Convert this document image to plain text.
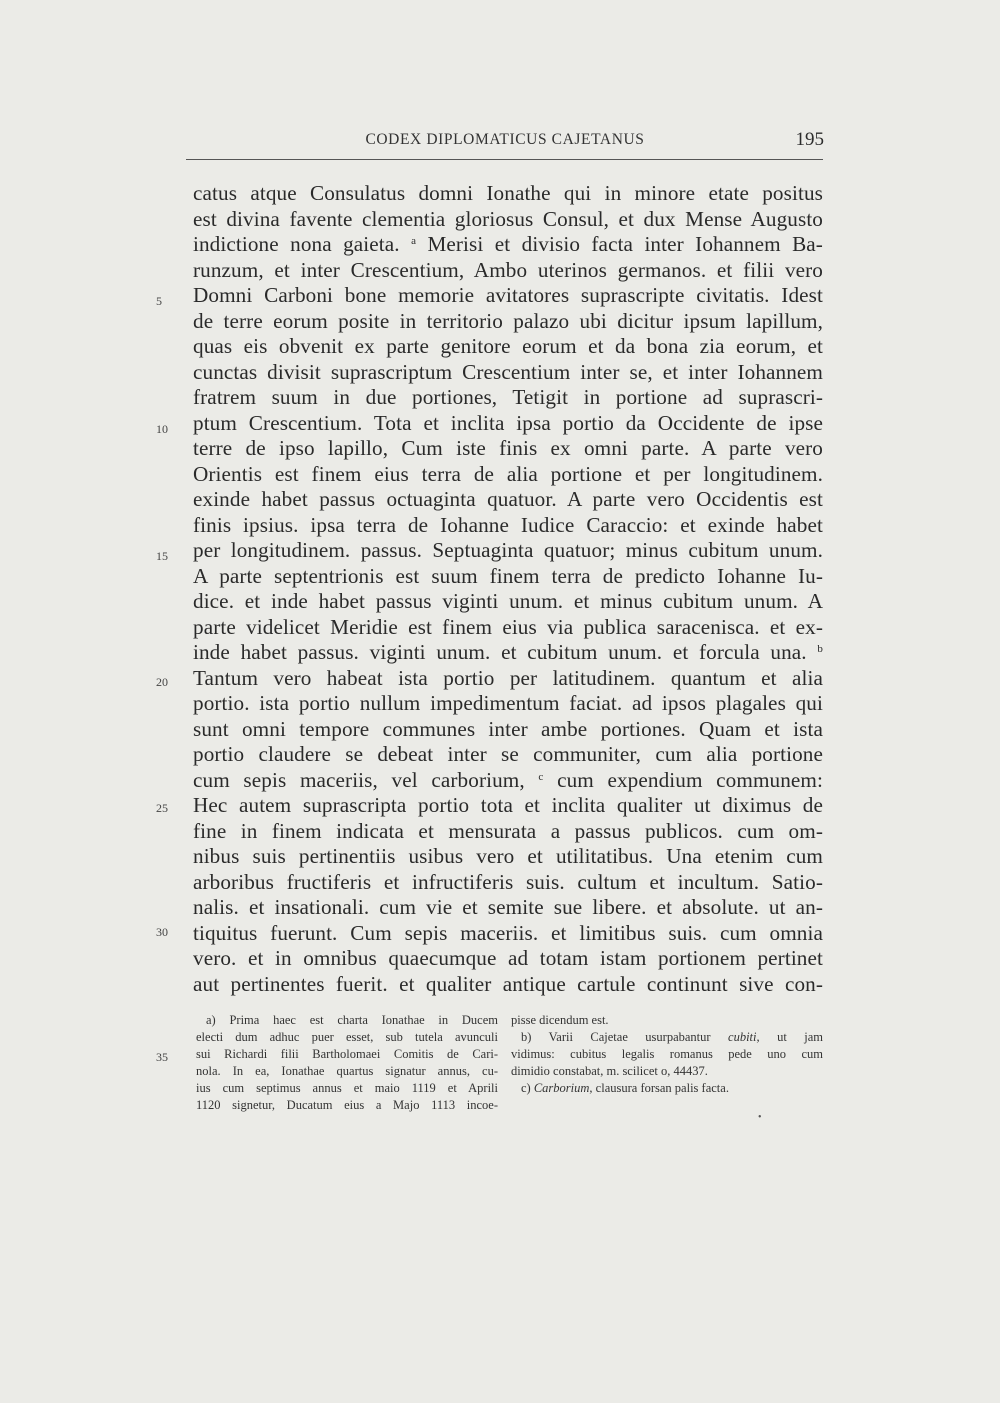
CODEX DIPLOMATICUS CAJETANUS	195
5
10
15
20
25
30
35
catus atque Consulatus domni Ionathe qui in minore etate positus
est divina favente clementia gloriosus Consul, et dux Mense Augusto
indictione nona gaieta. $^a$ Merisi et divisio facta inter Iohannem Ba-
runzum, et inter Crescentium, Ambo uterinos germanos. et filii vero
Domni Carboni bone memorie avitatores suprascripte civitatis. Idest
de terre eorum posite in territorio palazo ubi dicitur ipsum lapillum,
quas eis obvenit ex parte genitore eorum et da bona zia eorum, et
cunctas divisit suprascriptum Crescentium inter se, et inter Iohannem
fratrem suum in due portiones, Tetigit in portione ad suprascri-
ptum Crescentium. Tota et inclita ipsa portio da Occidente de ipse
terre de ipso lapillo, Cum iste finis ex omni parte. A parte vero
Orientis est finem eius terra de alia portione et per longitudinem.
exinde habet passus octuaginta quatuor. A parte vero Occidentis est
finis ipsius. ipsa terra de Iohanne Iudice Caraccio: et exinde habet
per longitudinem. passus. Septuaginta quatuor; minus cubitum unum.
A parte septentrionis est suum finem terra de predicto Iohanne Iu-
dice. et inde habet passus viginti unum. et minus cubitum unum. A
parte videlicet Meridie est finem eius via publica saracenisca. et ex-
inde habet passus. viginti unum. et cubitum unum. et forcula una. $^b$
Tantum vero habeat ista portio per latitudinem. quantum et alia
portio. ista portio nullum impedimentum faciat. ad ipsos plagales qui
sunt omni tempore communes inter ambe portiones. Quam et ista
portio claudere se debeat inter se communiter, cum alia portione
cum sepis maceriis, vel carborium, $^c$ cum expendium communem:
Hec autem suprascripta portio tota et inclita qualiter ut diximus de
fine in finem indicata et mensurata a passus publicos. cum om-
nibus suis pertinentiis usibus vero et utilitatibus. Una etenim cum
arboribus fructiferis et infructiferis suis. cultum et incultum. Satio-
nalis. et insationali. cum vie et semite sue libere. et absolute. ut an-
tiquitus fuerunt. Cum sepis maceriis. et limitibus suis. cum omnia
vero. et in omnibus quaecumque ad totam istam portionem pertinet
aut pertinentes fuerit. et qualiter antique cartule continunt sive con-
a) Prima haec est charta Ionathae in Ducem
electi dum adhuc puer esset, sub tutela avunculi
sui Richardi filii Bartholomaei Comitis de Cari-
nola. In ea, Ionathae quartus signatur annus, cu-
ius cum septimus annus et maio 1119 et Aprili
1120 signetur, Ducatum eius a Majo 1113 incoe-
pisse dicendum est.
b) Varii Cajetae usurpabantur cubiti, ut jam
vidimus: cubitus legalis romanus pede uno cum
dimidio constabat, m. scilicet o, 44437.
c) Carborium, clausura forsan palis facta.
•
